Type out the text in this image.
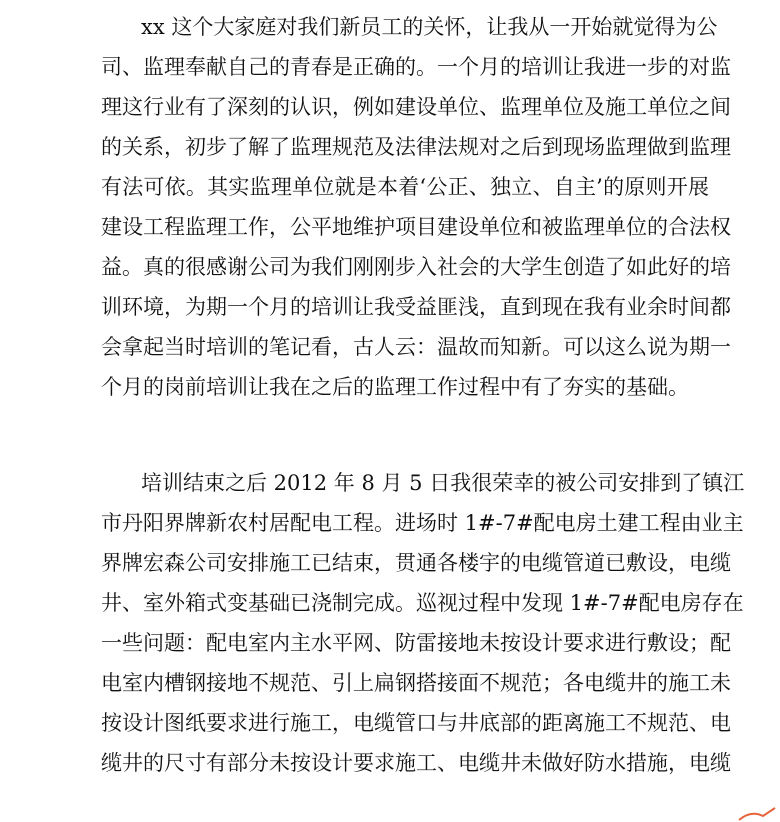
xx 这个大家庭对我们新员工的关怀，让我从一开始就觉得为公
司、监理奉献自己的青春是正确的。一个月的培训让我进一步的对监
理这行业有了深刻的认识，例如建设单位、监理单位及施工单位之间
的关系，初步了解了监理规范及法律法规对之后到现场监理做到监理
有法可依。其实监理单位就是本着‘公正、独立、自主’的原则开展
建设工程监理工作，公平地维护项目建设单位和被监理单位的合法权
益。真的很感谢公司为我们刚刚步入社会的大学生创造了如此好的培
训环境，为期一个月的培训让我受益匪浅，直到现在我有业余时间都
会拿起当时培训的笔记看，古人云：温故而知新。可以这么说为期一
个月的岗前培训让我在之后的监理工作过程中有了夯实的基础。
培训结束之后 2012 年 8 月 5 日我很荣幸的被公司安排到了镇江
市丹阳界牌新农村居配电工程。进场时 1#-7#配电房土建工程由业主
界牌宏森公司安排施工已结束，贯通各楼宇的电缆管道已敷设，电缆
井、室外箱式变基础已浇制完成。巡视过程中发现 1#-7#配电房存在
一些问题：配电室内主水平网、防雷接地未按设计要求进行敷设；配
电室内槽钢接地不规范、引上扁钢搭接面不规范；各电缆井的施工未
按设计图纸要求进行施工，电缆管口与井底部的距离施工不规范、电
缆井的尺寸有部分未按设计要求施工、电缆井未做好防水措施，电缆
